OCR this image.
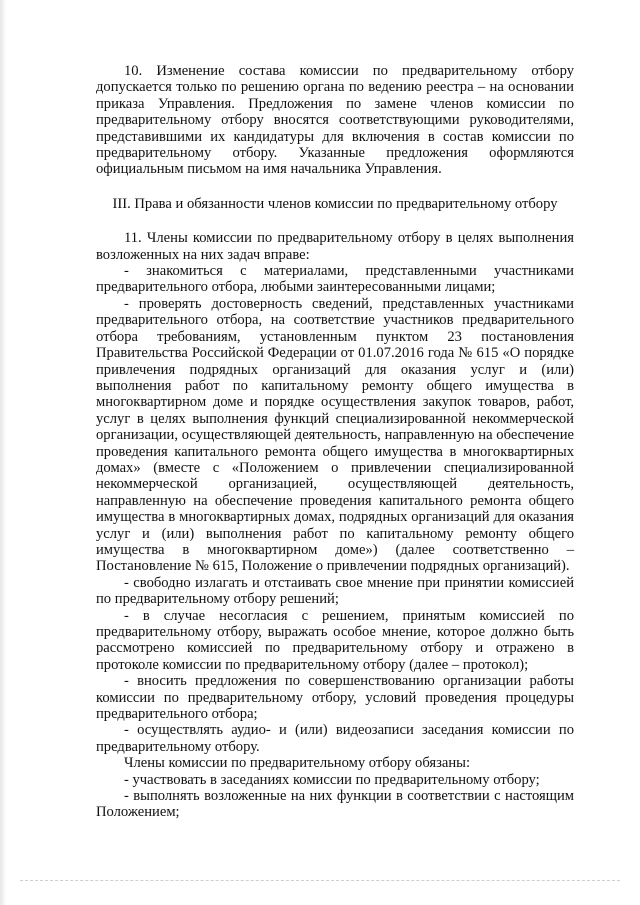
10. Изменение состава комиссии по предварительному отбору допускается только по решению органа по ведению реестра – на основании приказа Управления. Предложения по замене членов комиссии по предварительному отбору вносятся соответствующими руководителями, представившими их кандидатуры для включения в состав комиссии по предварительному отбору. Указанные предложения оформляются официальным письмом на имя начальника Управления.

III. Права и обязанности членов комиссии по предварительному отбору

11. Члены комиссии по предварительному отбору в целях выполнения возложенных на них задач вправе:

- знакомиться с материалами, представленными участниками предварительного отбора, любыми заинтересованными лицами;

- проверять достоверность сведений, представленных участниками предварительного отбора, на соответствие участников предварительного отбора требованиям, установленным пунктом 23 постановления Правительства Российской Федерации от 01.07.2016 года № 615 «О порядке привлечения подрядных организаций для оказания услуг и (или) выполнения работ по капитальному ремонту общего имущества в многоквартирном доме и порядке осуществления закупок товаров, работ, услуг в целях выполнения функций специализированной некоммерческой организации, осуществляющей деятельность, направленную на обеспечение проведения капитального ремонта общего имущества в многоквартирных домах» (вместе с «Положением о привлечении специализированной некоммерческой организацией, осуществляющей деятельность, направленную на обеспечение проведения капитального ремонта общего имущества в многоквартирных домах, подрядных организаций для оказания услуг и (или) выполнения работ по капитальному ремонту общего имущества в многоквартирном доме») (далее соответственно – Постановление № 615, Положение о привлечении подрядных организаций).

- свободно излагать и отстаивать свое мнение при принятии комиссией по предварительному отбору решений;

- в случае несогласия с решением, принятым комиссией по предварительному отбору, выражать особое мнение, которое должно быть рассмотрено комиссией по предварительному отбору и отражено в протоколе комиссии по предварительному отбору (далее – протокол);

- вносить предложения по совершенствованию организации работы комиссии по предварительному отбору, условий проведения процедуры предварительного отбора;

- осуществлять аудио- и (или) видеозаписи заседания комиссии по предварительному отбору.

Члены комиссии по предварительному отбору обязаны:

- участвовать в заседаниях комиссии по предварительному отбору;

- выполнять возложенные на них функции в соответствии с настоящим Положением;
